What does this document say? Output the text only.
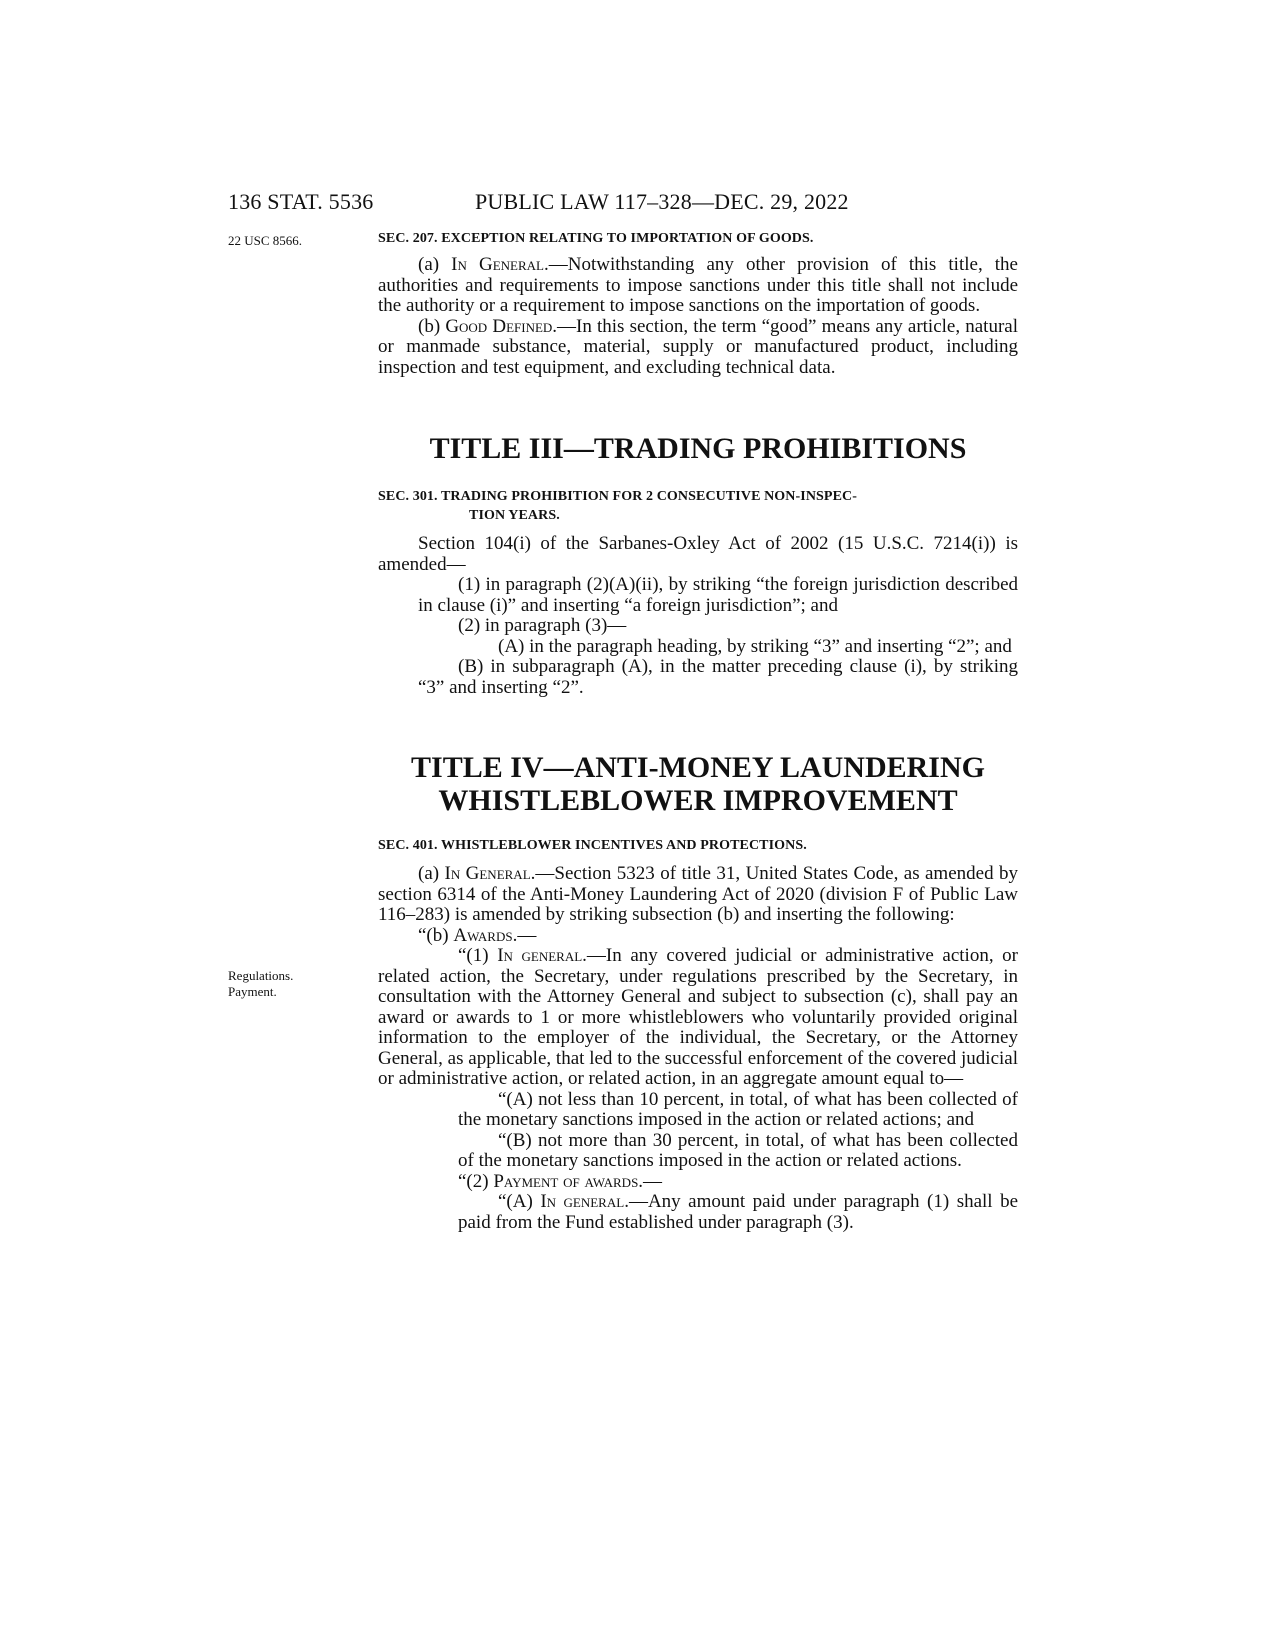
136 STAT. 5536	PUBLIC LAW 117–328—DEC. 29, 2022
22 USC 8566.
Regulations.
Payment.
SEC. 207. EXCEPTION RELATING TO IMPORTATION OF GOODS.

(a) In General.—Notwithstanding any other provision of this title, the authorities and requirements to impose sanctions under this title shall not include the authority or a requirement to impose sanctions on the importation of goods.

(b) Good Defined.—In this section, the term “good” means any article, natural or manmade substance, material, supply or manufactured product, including inspection and test equipment, and excluding technical data.

TITLE III—TRADING PROHIBITIONS
SEC. 301. TRADING PROHIBITION FOR 2 CONSECUTIVE NON-INSPEC-
TION YEARS.

Section 104(i) of the Sarbanes-Oxley Act of 2002 (15 U.S.C. 7214(i)) is amended—

(1) in paragraph (2)(A)(ii), by striking “the foreign jurisdiction described in clause (i)” and inserting “a foreign jurisdiction”; and

(2) in paragraph (3)—

(A) in the paragraph heading, by striking “3” and inserting “2”; and

(B) in subparagraph (A), in the matter preceding clause (i), by striking “3” and inserting “2”.

TITLE IV—ANTI-MONEY LAUNDERING
WHISTLEBLOWER IMPROVEMENT
SEC. 401. WHISTLEBLOWER INCENTIVES AND PROTECTIONS.

(a) In General.—Section 5323 of title 31, United States Code, as amended by section 6314 of the Anti-Money Laundering Act of 2020 (division F of Public Law 116–283) is amended by striking subsection (b) and inserting the following:

“(b) Awards.—

“(1) In general.—In any covered judicial or administrative action, or related action, the Secretary, under regulations prescribed by the Secretary, in consultation with the Attorney General and subject to subsection (c), shall pay an award or awards to 1 or more whistleblowers who voluntarily provided original information to the employer of the individual, the Secretary, or the Attorney General, as applicable, that led to the successful enforcement of the covered judicial or administrative action, or related action, in an aggregate amount equal to—

“(A) not less than 10 percent, in total, of what has been collected of the monetary sanctions imposed in the action or related actions; and

“(B) not more than 30 percent, in total, of what has been collected of the monetary sanctions imposed in the action or related actions.

“(2) Payment of awards.—

“(A) In general.—Any amount paid under paragraph (1) shall be paid from the Fund established under paragraph (3).
